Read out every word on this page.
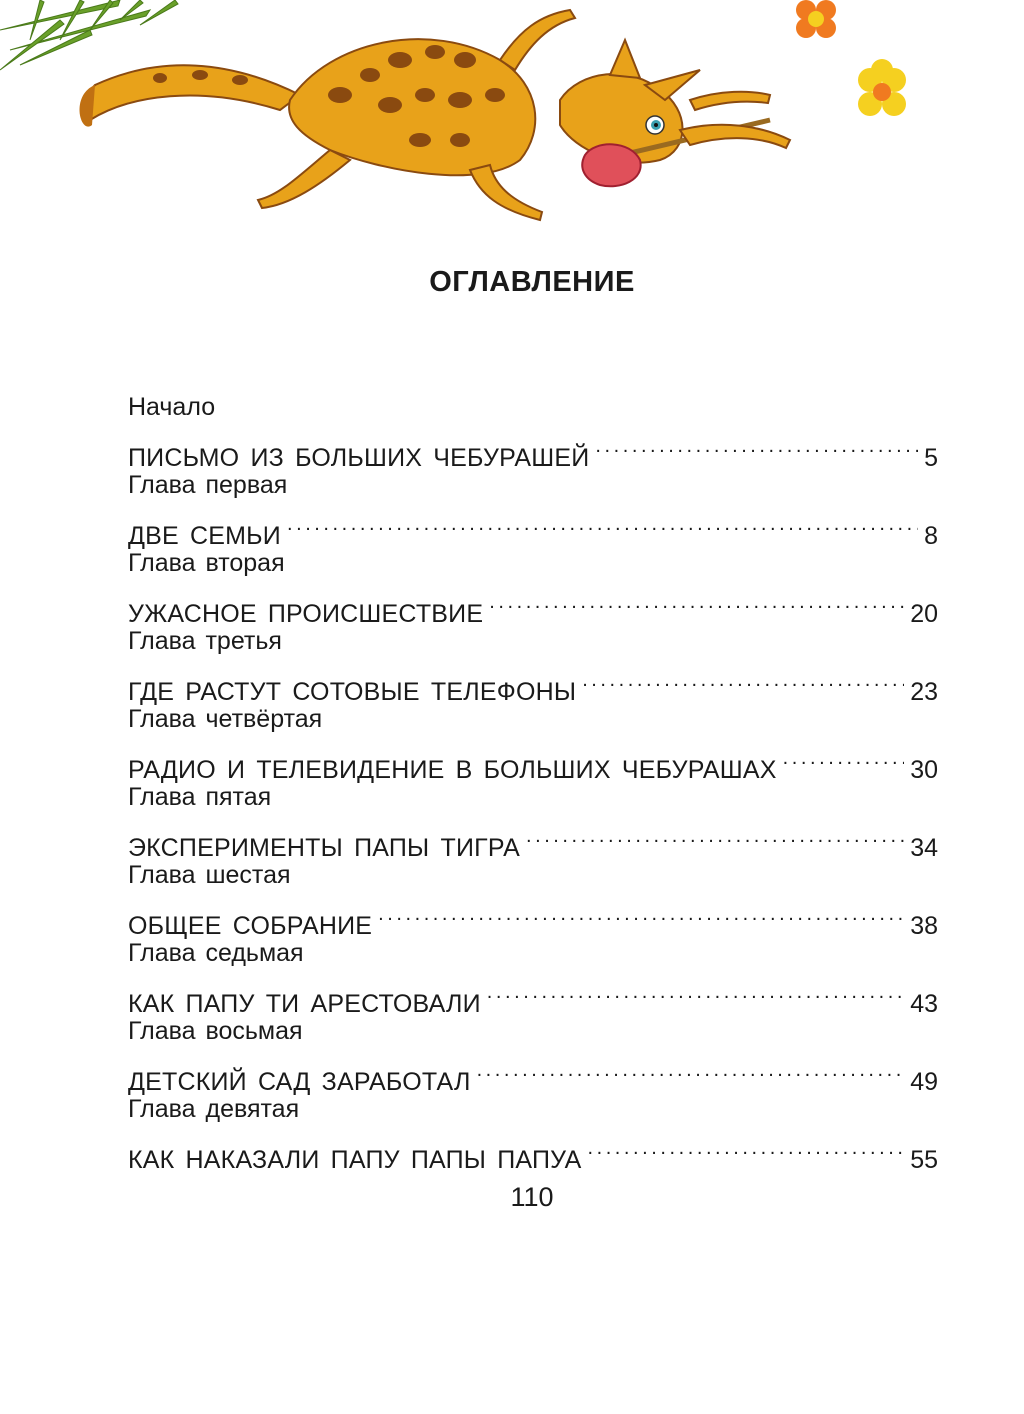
ОГЛАВЛЕНИЕ
Начало
ПИСЬМО ИЗ БОЛЬШИХ ЧЕБУРАШЕЙ . . .	5
Глава первая
ДВЕ СЕМЬИ . . .	8
Глава вторая
УЖАСНОЕ ПРОИСШЕСТВИЕ . . .	20
Глава третья
ГДЕ РАСТУТ СОТОВЫЕ ТЕЛЕФОНЫ . . .	23
Глава четвёртая
РАДИО И ТЕЛЕВИДЕНИЕ В БОЛЬШИХ ЧЕБУРАШАХ . . .	30
Глава пятая
ЭКСПЕРИМЕНТЫ ПАПЫ ТИГРА . . .	34
Глава шестая
ОБЩЕЕ СОБРАНИЕ . . .	38
Глава седьмая
КАК ПАПУ ТИ АРЕСТОВАЛИ . . .	43
Глава восьмая
ДЕТСКИЙ САД ЗАРАБОТАЛ . . .	49
Глава девятая
КАК НАКАЗАЛИ ПАПУ ПАПЫ ПАПУА . . .	55
110
